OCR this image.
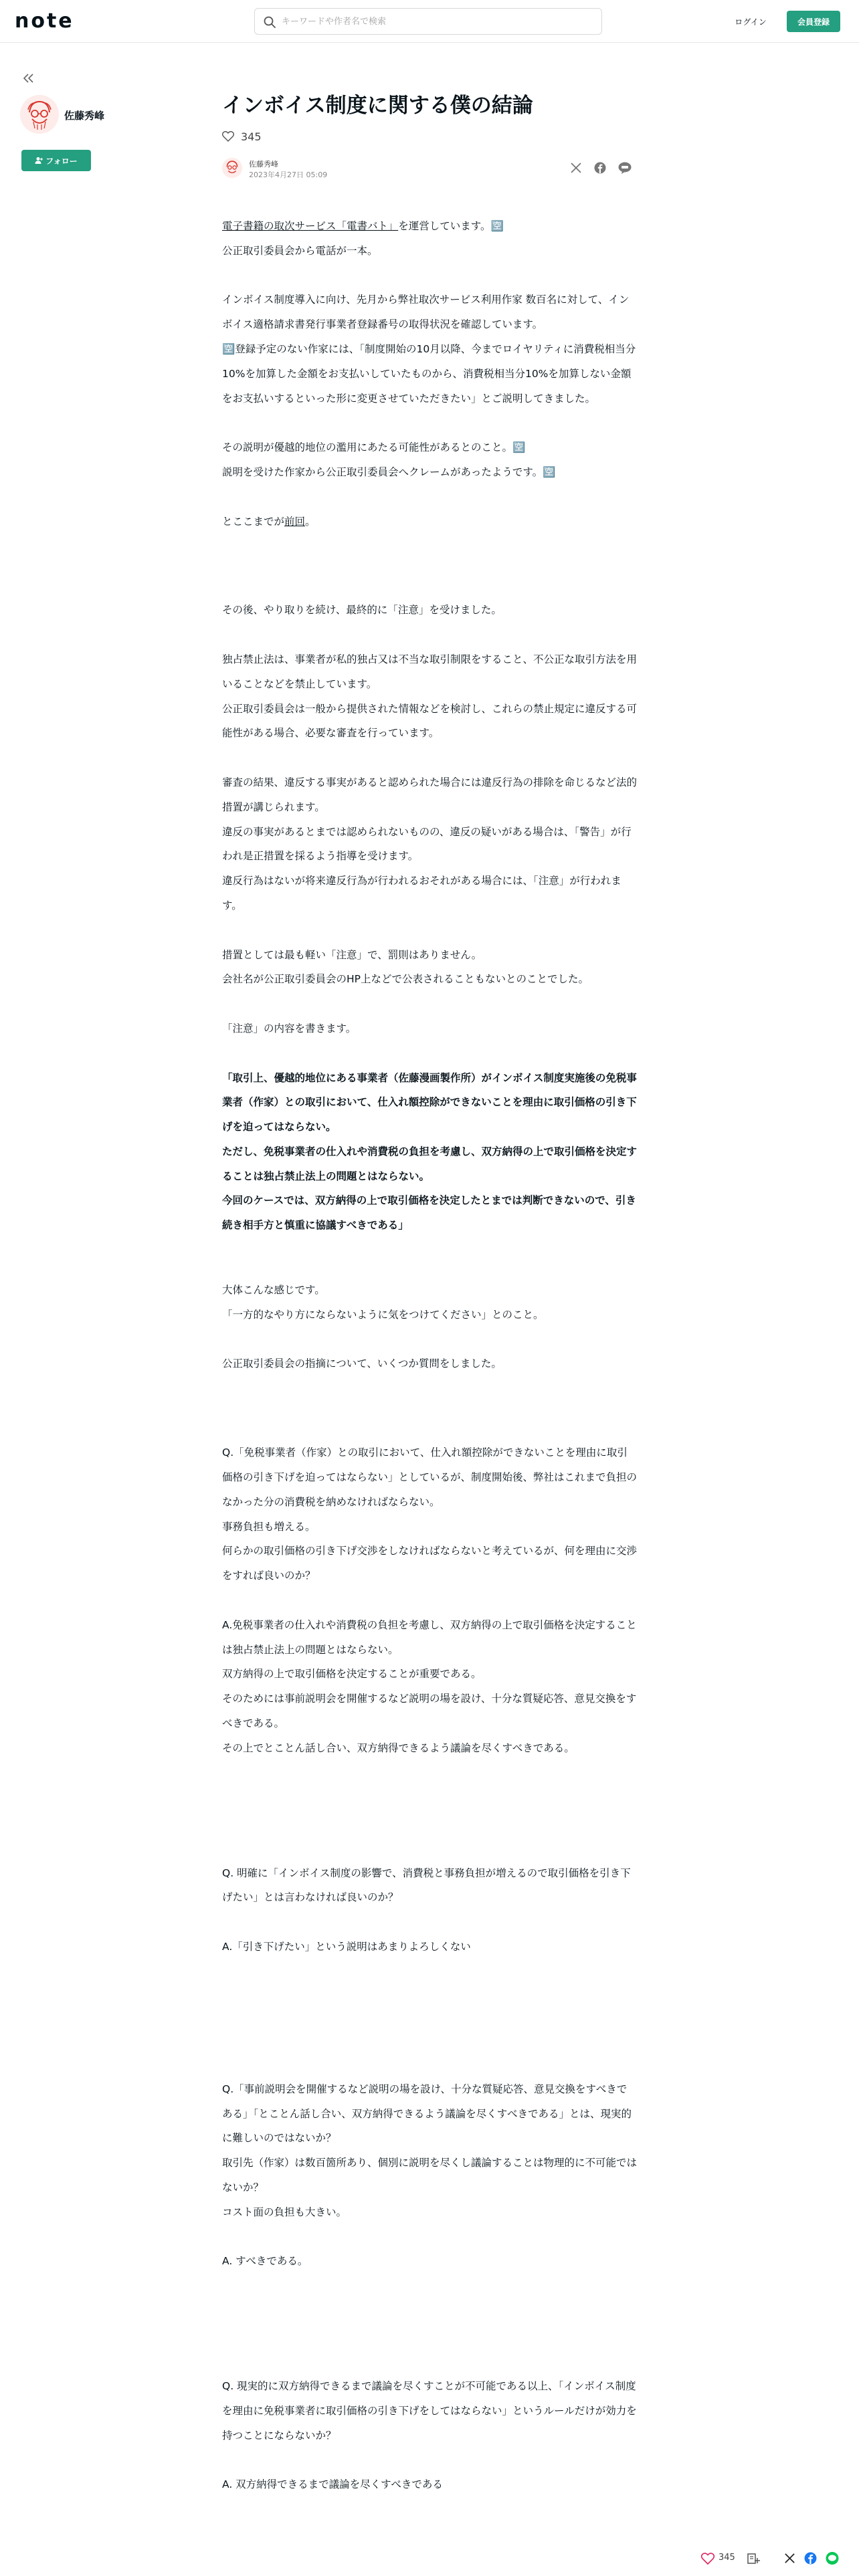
note
キーワードや作者名で検索	ログイン	会員登録
佐藤秀峰
フォロー
インボイス制度に関する僕の結論
345
佐藤秀峰
2023年4月27日 05:09

電子書籍の取次サービス「電書バト」を運営しています。🈳
公正取引委員会から電話が一本。

インボイス制度導入に向け、先月から弊社取次サービス利用作家 数百名に対して、インボイス適格請求書発行事業者登録番号の取得状況を確認しています。

🈳登録予定のない作家には、「制度開始の10月以降、今までロイヤリティに消費税相当分10%を加算した金額をお支払いしていたものから、消費税相当分10%を加算しない金額をお支払いするといった形に変更させていただきたい」とご説明してきました。

その説明が優越的地位の濫用にあたる可能性があるとのこと。🈳
説明を受けた作家から公正取引委員会へクレームがあったようです。🈳

とここまでが前回。

その後、やり取りを続け、最終的に「注意」を受けました。

独占禁止法は、事業者が私的独占又は不当な取引制限をすること、不公正な取引方法を用いることなどを禁止しています。

公正取引委員会は一般から提供された情報などを検討し、これらの禁止規定に違反する可能性がある場合、必要な審査を行っています。

審査の結果、違反する事実があると認められた場合には違反行為の排除を命じるなど法的措置が講じられます。

違反の事実があるとまでは認められないものの、違反の疑いがある場合は、「警告」が行われ是正措置を採るよう指導を受けます。

違反行為はないが将来違反行為が行われるおそれがある場合には、「注意」が行われます。

措置としては最も軽い「注意」で、罰則はありません。

会社名が公正取引委員会のHP上などで公表されることもないとのことでした。

「注意」の内容を書きます。

「取引上、優越的地位にある事業者（佐藤漫画製作所）がインボイス制度実施後の免税事業者（作家）との取引において、仕入れ額控除ができないことを理由に取引価格の引き下げを迫ってはならない。

ただし、免税事業者の仕入れや消費税の負担を考慮し、双方納得の上で取引価格を決定することは独占禁止法上の問題とはならない。

今回のケースでは、双方納得の上で取引価格を決定したとまでは判断できないので、引き続き相手方と慎重に協議すべきである」

大体こんな感じです。

「一方的なやり方にならないように気をつけてください」とのこと。

公正取引委員会の指摘について、いくつか質問をしました。

Q.「免税事業者（作家）との取引において、仕入れ額控除ができないことを理由に取引価格の引き下げを迫ってはならない」としているが、制度開始後、弊社はこれまで負担のなかった分の消費税を納めなければならない。

事務負担も増える。

何らかの取引価格の引き下げ交渉をしなければならないと考えているが、何を理由に交渉をすれば良いのか？

A.免税事業者の仕入れや消費税の負担を考慮し、双方納得の上で取引価格を決定することは独占禁止法上の問題とはならない。

双方納得の上で取引価格を決定することが重要である。

そのためには事前説明会を開催するなど説明の場を設け、十分な質疑応答、意見交換をすべきである。

その上でとことん話し合い、双方納得できるよう議論を尽くすべきである。

Q. 明確に「インボイス制度の影響で、消費税と事務負担が増えるので取引価格を引き下げたい」とは言わなければ良いのか？

A.「引き下げたい」という説明はあまりよろしくない

Q.「事前説明会を開催するなど説明の場を設け、十分な質疑応答、意見交換をすべきである」「とことん話し合い、双方納得できるよう議論を尽くすべきである」とは、現実的に難しいのではないか？

取引先（作家）は数百箇所あり、個別に説明を尽くし議論することは物理的に不可能ではないか？

コスト面の負担も大きい。

A. すべきである。

Q. 現実的に双方納得できるまで議論を尽くすことが不可能である以上、「インボイス制度を理由に免税事業者に取引価格の引き下げをしてはならない」というルールだけが効力を持つことにならないか？

A. 双方納得できるまで議論を尽くすべきである

345
